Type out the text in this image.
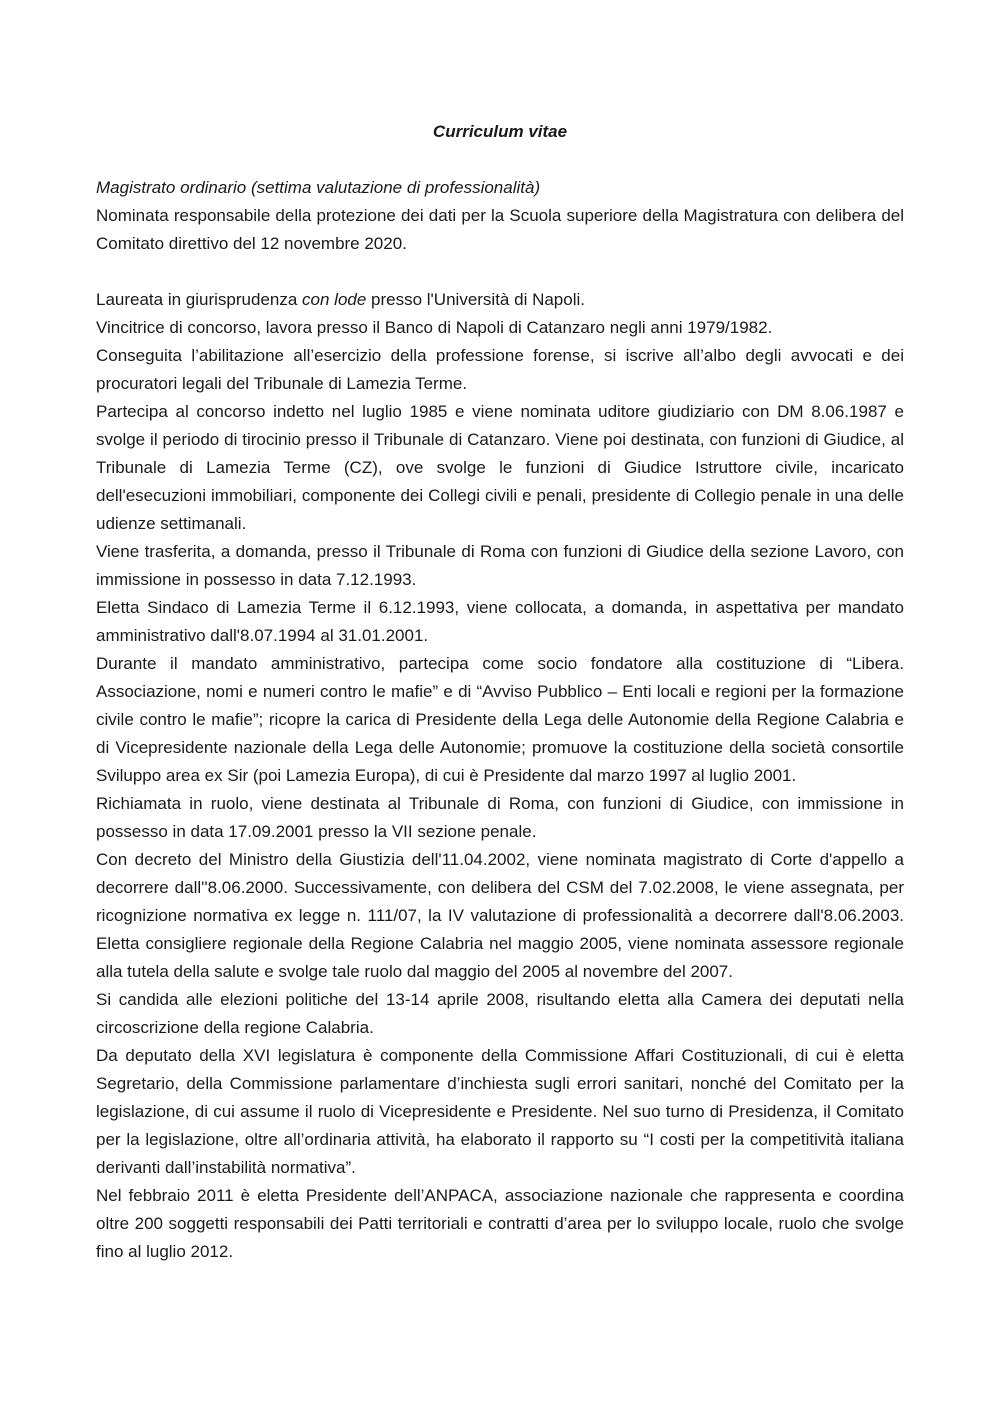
Curriculum vitae

Magistrato ordinario (settima valutazione di professionalità)

Nominata responsabile della protezione dei dati per la Scuola superiore della Magistratura con delibera del Comitato direttivo del 12 novembre 2020.

Laureata in giurisprudenza con lode presso l'Università di Napoli.

Vincitrice di concorso, lavora presso il Banco di Napoli di Catanzaro negli anni 1979/1982.

Conseguita l’abilitazione all’esercizio della professione forense, si iscrive all’albo degli avvocati e dei procuratori legali del Tribunale di Lamezia Terme.

Partecipa al concorso indetto nel luglio 1985 e viene nominata uditore giudiziario con DM 8.06.1987 e svolge il periodo di tirocinio presso il Tribunale di Catanzaro. Viene poi destinata, con funzioni di Giudice, al Tribunale di Lamezia Terme (CZ), ove svolge le funzioni di Giudice Istruttore civile, incaricato dell'esecuzioni immobiliari, componente dei Collegi civili e penali, presidente di Collegio penale in una delle udienze settimanali.

Viene trasferita, a domanda, presso il Tribunale di Roma con funzioni di Giudice della sezione Lavoro, con immissione in possesso in data 7.12.1993.

Eletta Sindaco di Lamezia Terme il 6.12.1993, viene collocata, a domanda, in aspettativa per mandato amministrativo dall'8.07.1994 al 31.01.2001.

Durante il mandato amministrativo, partecipa come socio fondatore alla costituzione di “Libera. Associazione, nomi e numeri contro le mafie” e di “Avviso Pubblico – Enti locali e regioni per la formazione civile contro le mafie”; ricopre la carica di Presidente della Lega delle Autonomie della Regione Calabria e di Vicepresidente nazionale della Lega delle Autonomie; promuove la costituzione della società consortile Sviluppo area ex Sir (poi Lamezia Europa), di cui è Presidente dal marzo 1997 al luglio 2001.

Richiamata in ruolo, viene destinata al Tribunale di Roma, con funzioni di Giudice, con immissione in possesso in data 17.09.2001 presso la VII sezione penale.

Con decreto del Ministro della Giustizia dell'11.04.2002, viene nominata magistrato di Corte d'appello a decorrere dall''8.06.2000. Successivamente, con delibera del CSM del 7.02.2008, le viene assegnata, per ricognizione normativa ex legge n. 111/07, la IV valutazione di professionalità a decorrere dall'8.06.2003. Eletta consigliere regionale della Regione Calabria nel maggio 2005, viene nominata assessore regionale alla tutela della salute e svolge tale ruolo dal maggio del 2005 al novembre del 2007.

Si candida alle elezioni politiche del 13-14 aprile 2008, risultando eletta alla Camera dei deputati nella circoscrizione della regione Calabria.

Da deputato della XVI legislatura è componente della Commissione Affari Costituzionali, di cui è eletta Segretario, della Commissione parlamentare d’inchiesta sugli errori sanitari, nonché del Comitato per la legislazione, di cui assume il ruolo di Vicepresidente e Presidente. Nel suo turno di Presidenza, il Comitato per la legislazione, oltre all’ordinaria attività, ha elaborato il rapporto su “I costi per la competitività italiana derivanti dall’instabilità normativa”.

Nel febbraio 2011 è eletta Presidente dell’ANPACA, associazione nazionale che rappresenta e coordina oltre 200 soggetti responsabili dei Patti territoriali e contratti d’area per lo sviluppo locale, ruolo che svolge fino al luglio 2012.
